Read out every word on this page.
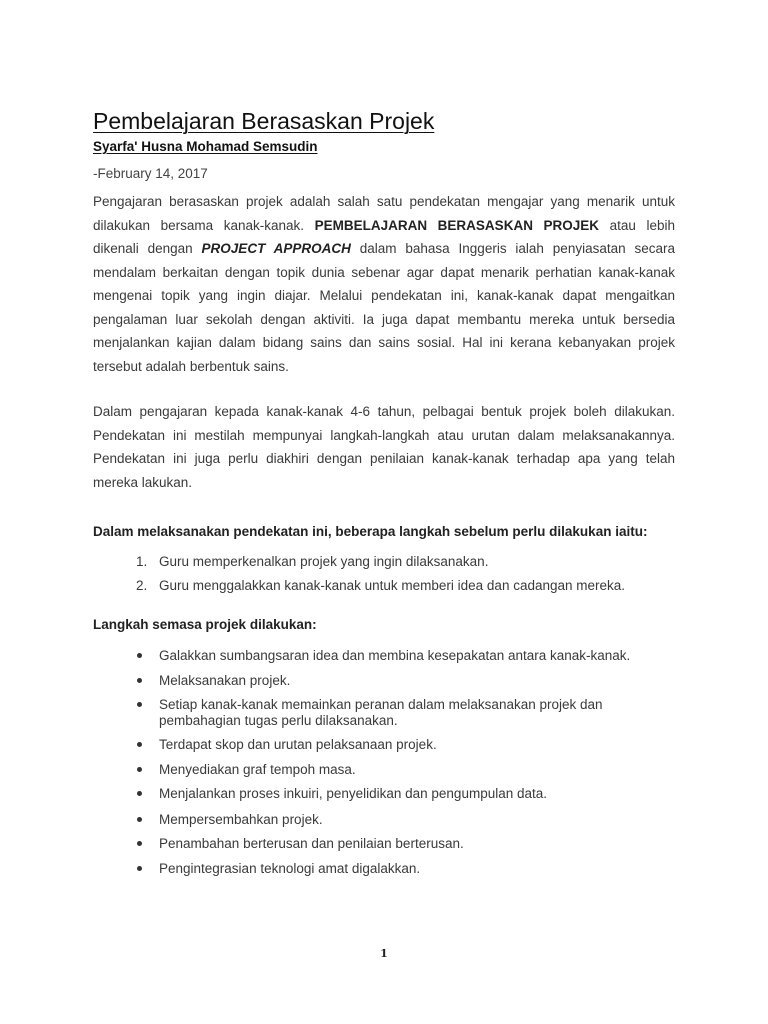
Pembelajaran Berasaskan Projek
Syarfa' Husna Mohamad Semsudin
-February 14, 2017

Pengajaran berasaskan projek adalah salah satu pendekatan mengajar yang menarik untuk dilakukan bersama kanak-kanak. PEMBELAJARAN BERASASKAN PROJEK atau lebih dikenali dengan PROJECT APPROACH dalam bahasa Inggeris ialah penyiasatan secara mendalam berkaitan dengan topik dunia sebenar agar dapat menarik perhatian kanak-kanak mengenai topik yang ingin diajar. Melalui pendekatan ini, kanak-kanak dapat mengaitkan pengalaman luar sekolah dengan aktiviti. Ia juga dapat membantu mereka untuk bersedia menjalankan kajian dalam bidang sains dan sains sosial. Hal ini kerana kebanyakan projek tersebut adalah berbentuk sains.

Dalam pengajaran kepada kanak-kanak 4-6 tahun, pelbagai bentuk projek boleh dilakukan. Pendekatan ini mestilah mempunyai langkah-langkah atau urutan dalam melaksanakannya. Pendekatan ini juga perlu diakhiri dengan penilaian kanak-kanak terhadap apa yang telah mereka lakukan.

Dalam melaksanakan pendekatan ini, beberapa langkah sebelum perlu dilakukan iaitu:
1. Guru memperkenalkan projek yang ingin dilaksanakan.
2. Guru menggalakkan kanak-kanak untuk memberi idea dan cadangan mereka.
Langkah semasa projek dilakukan:
Galakkan sumbangsaran idea dan membina kesepakatan antara kanak-kanak.
Melaksanakan projek.
Setiap kanak-kanak memainkan peranan dalam melaksanakan projek dan pembahagian tugas perlu dilaksanakan.
Terdapat skop dan urutan pelaksanaan projek.
Menyediakan graf tempoh masa.
Menjalankan proses inkuiri, penyelidikan dan pengumpulan data.
Mempersembahkan projek.
Penambahan berterusan dan penilaian berterusan.
Pengintegrasian teknologi amat digalakkan.
1
